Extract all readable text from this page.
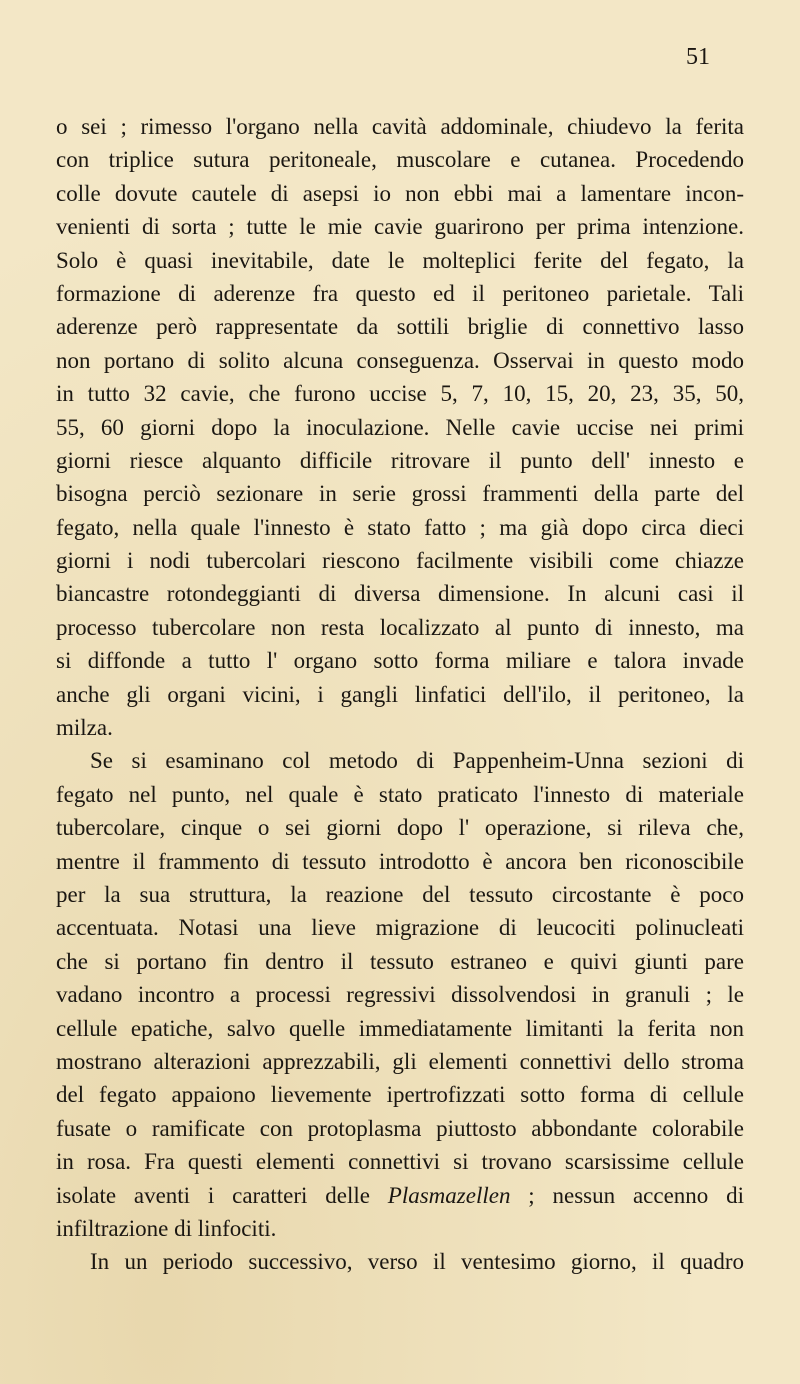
51
o sei ; rimesso l'organo nella cavità addominale, chiudevo la ferita
con triplice sutura peritoneale, muscolare e cutanea. Procedendo
colle dovute cautele di asepsi io non ebbi mai a lamentare incon-
venienti di sorta ; tutte le mie cavie guarirono per prima intenzione.
Solo è quasi inevitabile, date le molteplici ferite del fegato, la
formazione di aderenze fra questo ed il peritoneo parietale. Tali
aderenze però rappresentate da sottili briglie di connettivo lasso
non portano di solito alcuna conseguenza. Osservai in questo modo
in tutto 32 cavie, che furono uccise 5, 7, 10, 15, 20, 23, 35, 50,
55, 60 giorni dopo la inoculazione. Nelle cavie uccise nei primi
giorni riesce alquanto difficile ritrovare il punto dell' innesto e
bisogna perciò sezionare in serie grossi frammenti della parte del
fegato, nella quale l'innesto è stato fatto ; ma già dopo circa dieci
giorni i nodi tubercolari riescono facilmente visibili come chiazze
biancastre rotondeggianti di diversa dimensione. In alcuni casi il
processo tubercolare non resta localizzato al punto di innesto, ma
si diffonde a tutto l' organo sotto forma miliare e talora invade
anche gli organi vicini, i gangli linfatici dell'ilo, il peritoneo, la
milza.
Se si esaminano col metodo di Pappenheim-Unna sezioni di
fegato nel punto, nel quale è stato praticato l'innesto di materiale
tubercolare, cinque o sei giorni dopo l' operazione, si rileva che,
mentre il frammento di tessuto introdotto è ancora ben riconoscibile
per la sua struttura, la reazione del tessuto circostante è poco
accentuata. Notasi una lieve migrazione di leucociti polinucleati
che si portano fin dentro il tessuto estraneo e quivi giunti pare
vadano incontro a processi regressivi dissolvendosi in granuli ; le
cellule epatiche, salvo quelle immediatamente limitanti la ferita non
mostrano alterazioni apprezzabili, gli elementi connettivi dello stroma
del fegato appaiono lievemente ipertrofizzati sotto forma di cellule
fusate o ramificate con protoplasma piuttosto abbondante colorabile
in rosa. Fra questi elementi connettivi si trovano scarsissime cellule
isolate aventi i caratteri delle Plasmazellen ; nessun accenno di
infiltrazione di linfociti.
In un periodo successivo, verso il ventesimo giorno, il quadro
